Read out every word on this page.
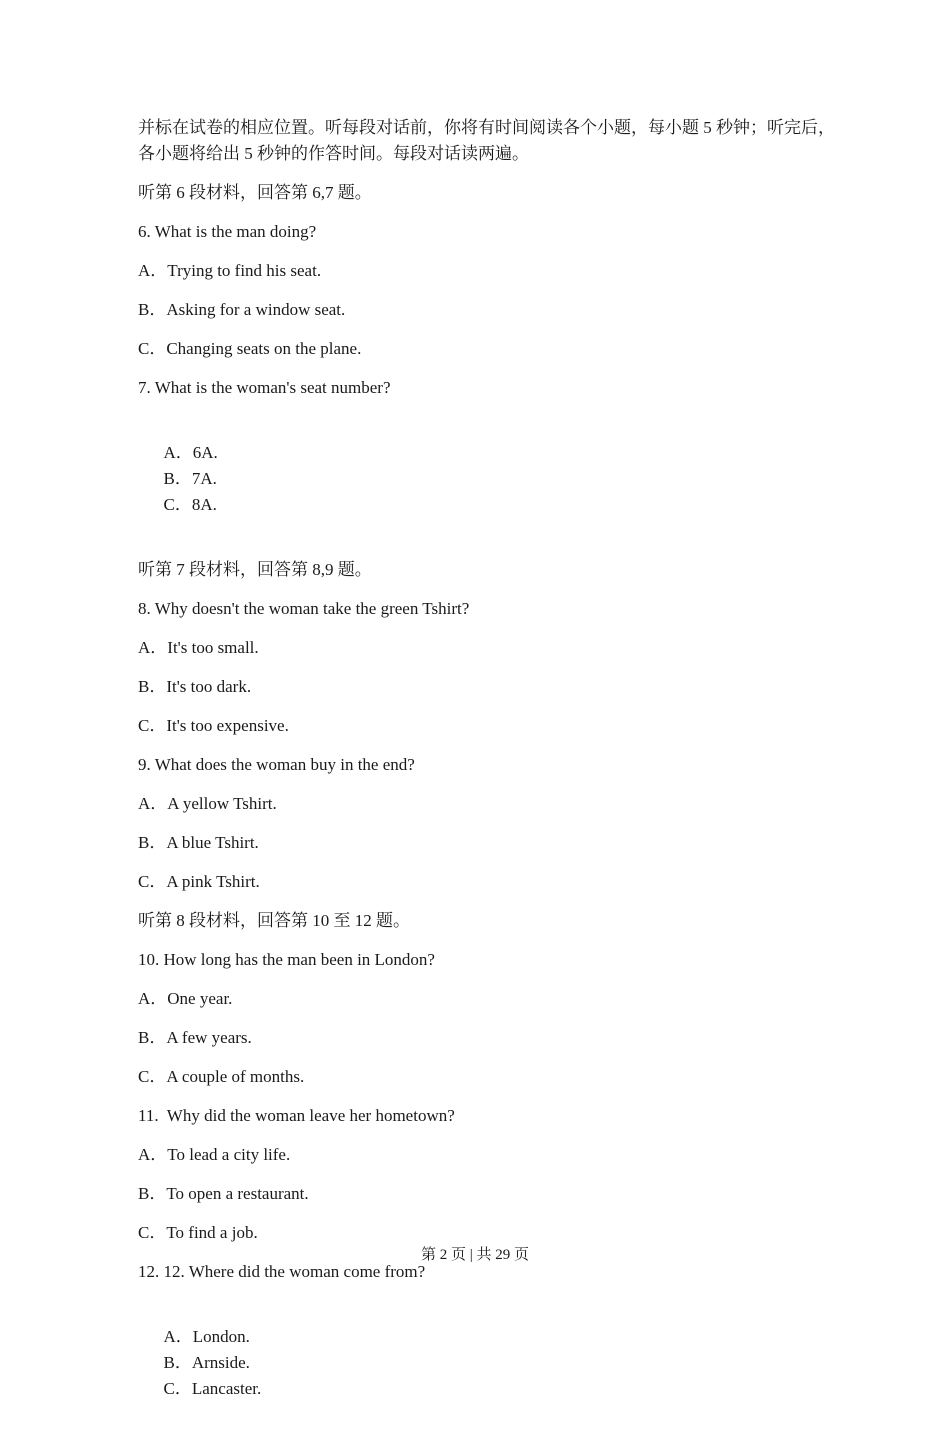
并标在试卷的相应位置。听每段对话前，你将有时间阅读各个小题，每小题 5 秒钟；听完后，
各小题将给出 5 秒钟的作答时间。每段对话读两遍。
听第 6 段材料，回答第 6,7 题。
6. What is the man doing?
A．Trying to find his seat.
B．Asking for a window seat.
C．Changing seats on the plane.
7. What is the woman's seat number?

A．6A.
B．7A.
C．8A.

听第 7 段材料，回答第 8,9 题。
8. Why doesn't the woman take the green Tshirt?
A．It's too small.
B．It's too dark.
C．It's too expensive.
9. What does the woman buy in the end?
A．A yellow Tshirt.
B．A blue Tshirt.
C．A pink Tshirt.
听第 8 段材料，回答第 10 至 12 题。
10. How long has the man been in London?
A．One year.
B．A few years.
C．A couple of months.
11.  Why did the woman leave her hometown?
A．To lead a city life.
B．To open a restaurant.
C．To find a job.
12. 12. Where did the woman come from?

A．London.
B．Arnside.
C．Lancaster.

第 2 页 | 共 29 页
